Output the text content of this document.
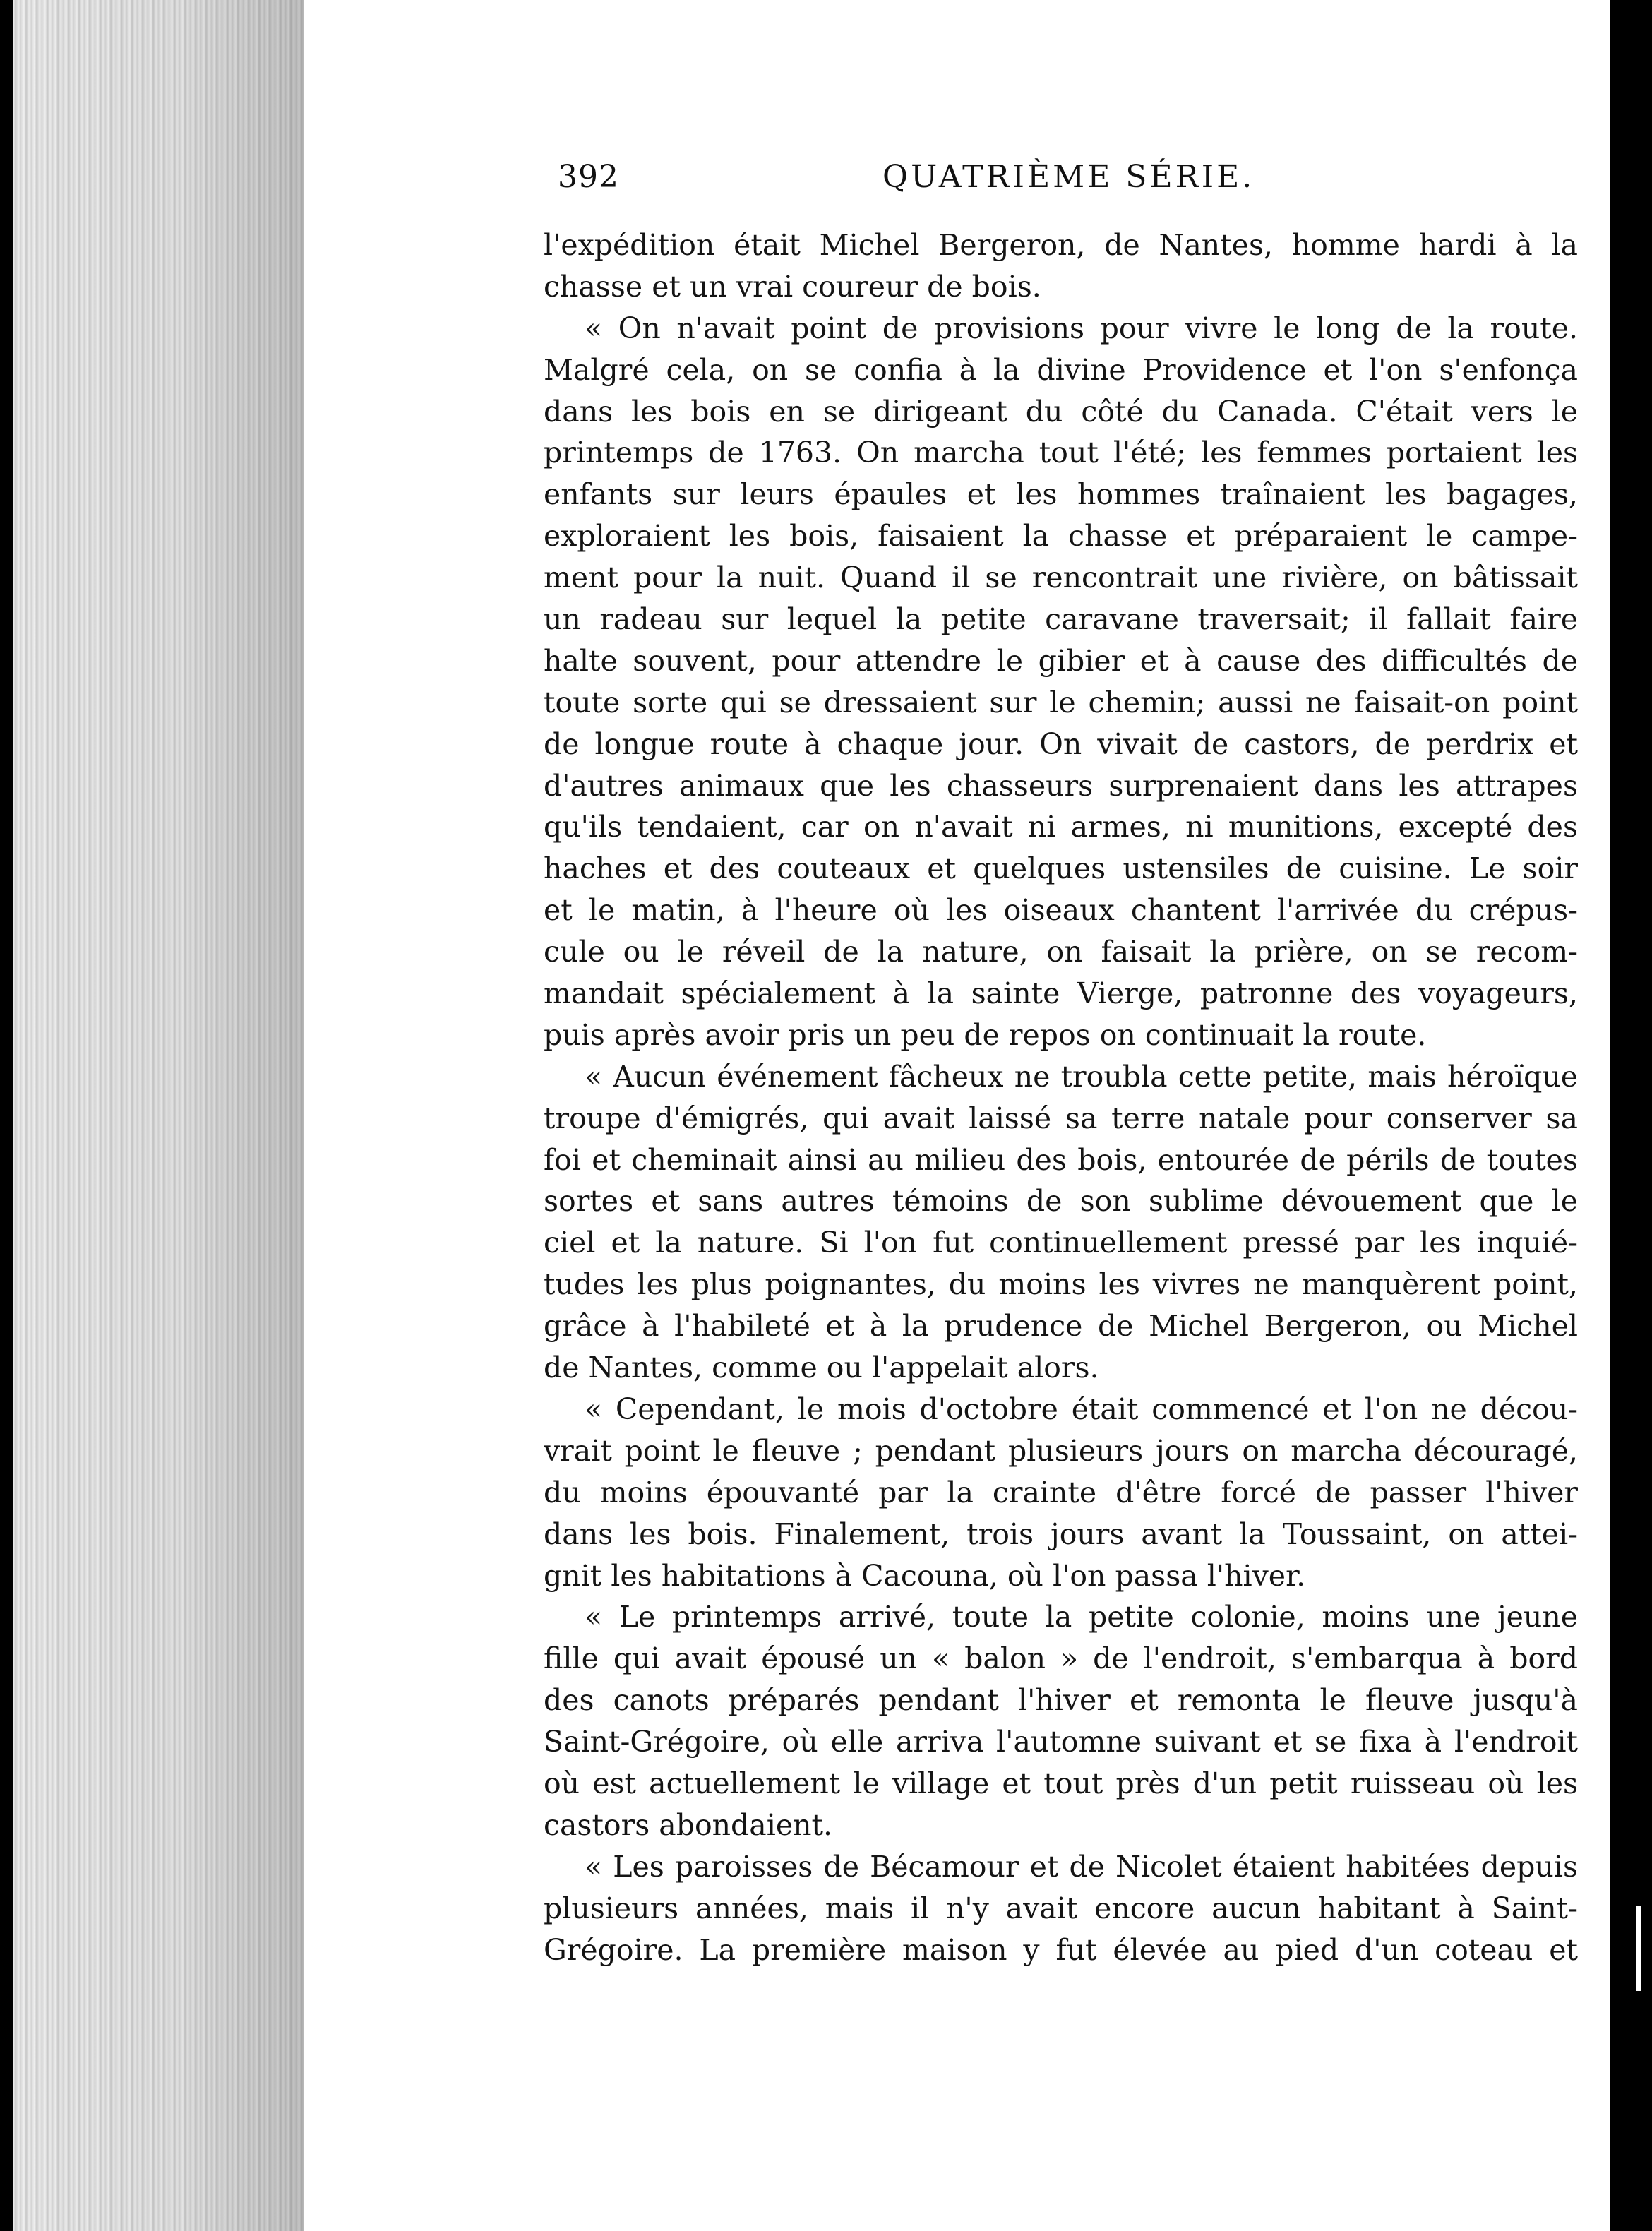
392	QUATRIÈME SÉRIE.
l'expédition était Michel Bergeron, de Nantes, homme hardi à la
chasse et un vrai coureur de bois.
« On n'avait point de provisions pour vivre le long de la route.
Malgré cela, on se confia à la divine Providence et l'on s'enfonça
dans les bois en se dirigeant du côté du Canada. C'était vers le
printemps de 1763. On marcha tout l'été; les femmes portaient les
enfants sur leurs épaules et les hommes traînaient les bagages,
exploraient les bois, faisaient la chasse et préparaient le campe-
ment pour la nuit. Quand il se rencontrait une rivière, on bâtissait
un radeau sur lequel la petite caravane traversait; il fallait faire
halte souvent, pour attendre le gibier et à cause des difficultés de
toute sorte qui se dressaient sur le chemin; aussi ne faisait-on point
de longue route à chaque jour. On vivait de castors, de perdrix et
d'autres animaux que les chasseurs surprenaient dans les attrapes
qu'ils tendaient, car on n'avait ni armes, ni munitions, excepté des
haches et des couteaux et quelques ustensiles de cuisine. Le soir
et le matin, à l'heure où les oiseaux chantent l'arrivée du crépus-
cule ou le réveil de la nature, on faisait la prière, on se recom-
mandait spécialement à la sainte Vierge, patronne des voyageurs,
puis après avoir pris un peu de repos on continuait la route.
« Aucun événement fâcheux ne troubla cette petite, mais héroïque
troupe d'émigrés, qui avait laissé sa terre natale pour conserver sa
foi et cheminait ainsi au milieu des bois, entourée de périls de toutes
sortes et sans autres témoins de son sublime dévouement que le
ciel et la nature. Si l'on fut continuellement pressé par les inquié-
tudes les plus poignantes, du moins les vivres ne manquèrent point,
grâce à l'habileté et à la prudence de Michel Bergeron, ou Michel
de Nantes, comme ou l'appelait alors.
« Cependant, le mois d'octobre était commencé et l'on ne décou-
vrait point le fleuve ; pendant plusieurs jours on marcha découragé,
du moins épouvanté par la crainte d'être forcé de passer l'hiver
dans les bois. Finalement, trois jours avant la Toussaint, on attei-
gnit les habitations à Cacouna, où l'on passa l'hiver.
« Le printemps arrivé, toute la petite colonie, moins une jeune
fille qui avait épousé un « balon » de l'endroit, s'embarqua à bord
des canots préparés pendant l'hiver et remonta le fleuve jusqu'à
Saint-Grégoire, où elle arriva l'automne suivant et se fixa à l'endroit
où est actuellement le village et tout près d'un petit ruisseau où les
castors abondaient.
« Les paroisses de Bécamour et de Nicolet étaient habitées depuis
plusieurs années, mais il n'y avait encore aucun habitant à Saint-
Grégoire. La première maison y fut élevée au pied d'un coteau et
